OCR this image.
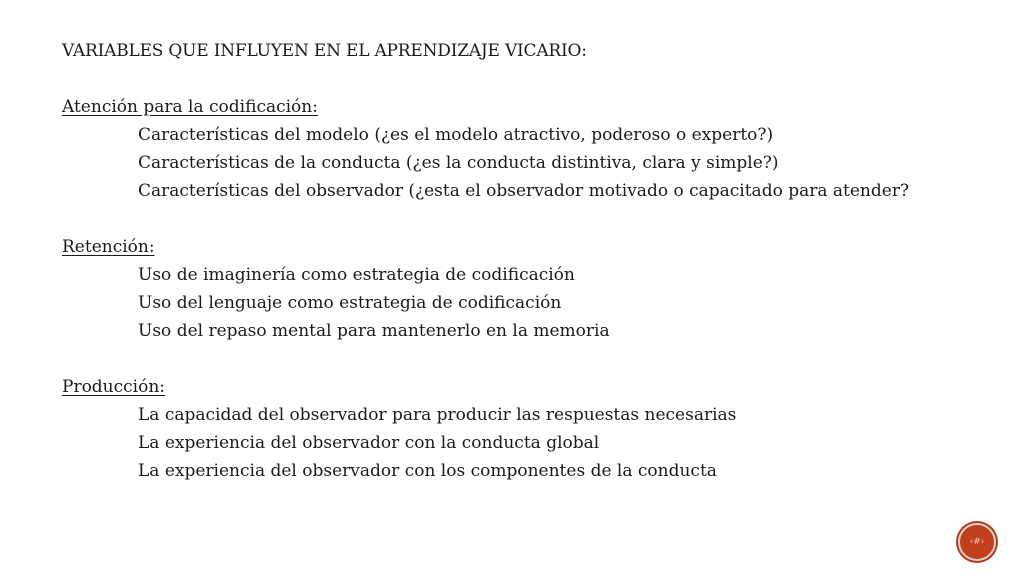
VARIABLES QUE INFLUYEN EN EL APRENDIZAJE VICARIO:
Atención para la codificación:
Características del modelo (¿es el modelo atractivo, poderoso o experto?)
Características de la conducta (¿es la conducta distintiva, clara y simple?)
Características del observador (¿esta el observador motivado o capacitado para atender?
Retención:
Uso de imaginería como estrategia de codificación
Uso del lenguaje como estrategia de codificación
Uso del repaso mental para mantenerlo en la memoria
Producción:
La capacidad del observador para producir las respuestas necesarias
La experiencia del observador con la conducta global
La experiencia del observador con los componentes de la conducta
‹#›
